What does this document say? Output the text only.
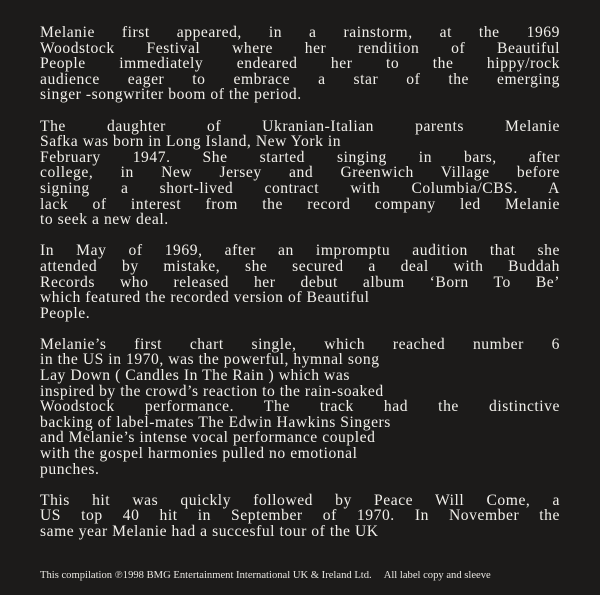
Melanie first appeared, in a rainstorm, at the 1969
Woodstock Festival where her rendition of Beautiful
People immediately endeared her to the hippy/rock
audience eager to embrace a star of the emerging
singer -songwriter boom of the period.

The daughter of Ukranian-Italian parents Melanie
Safka was born in Long Island, New York in
February 1947. She started singing in bars, after
college, in New Jersey and Greenwich Village before
signing a short-lived contract with Columbia/CBS. A
lack of interest from the record company led Melanie
to seek a new deal.

In May of 1969, after an impromptu audition that she
attended by mistake, she secured a deal with Buddah
Records who released her debut album ‘Born To Be’
which featured the recorded version of Beautiful
People.

Melanie’s first chart single, which reached number 6
in the US in 1970, was the powerful, hymnal song
Lay Down ( Candles In The Rain ) which was
inspired by the crowd’s reaction to the rain-soaked
Woodstock performance. The track had the distinctive
backing of label-mates The Edwin Hawkins Singers
and Melanie’s intense vocal performance coupled
with the gospel harmonies pulled no emotional
punches.

This hit was quickly followed by Peace Will Come, a
US top 40 hit in September of 1970. In November the
same year Melanie had a succesful tour of the UK

This compilation ℗1998 BMG Entertainment International UK & Ireland Ltd. All label copy and sleeve
